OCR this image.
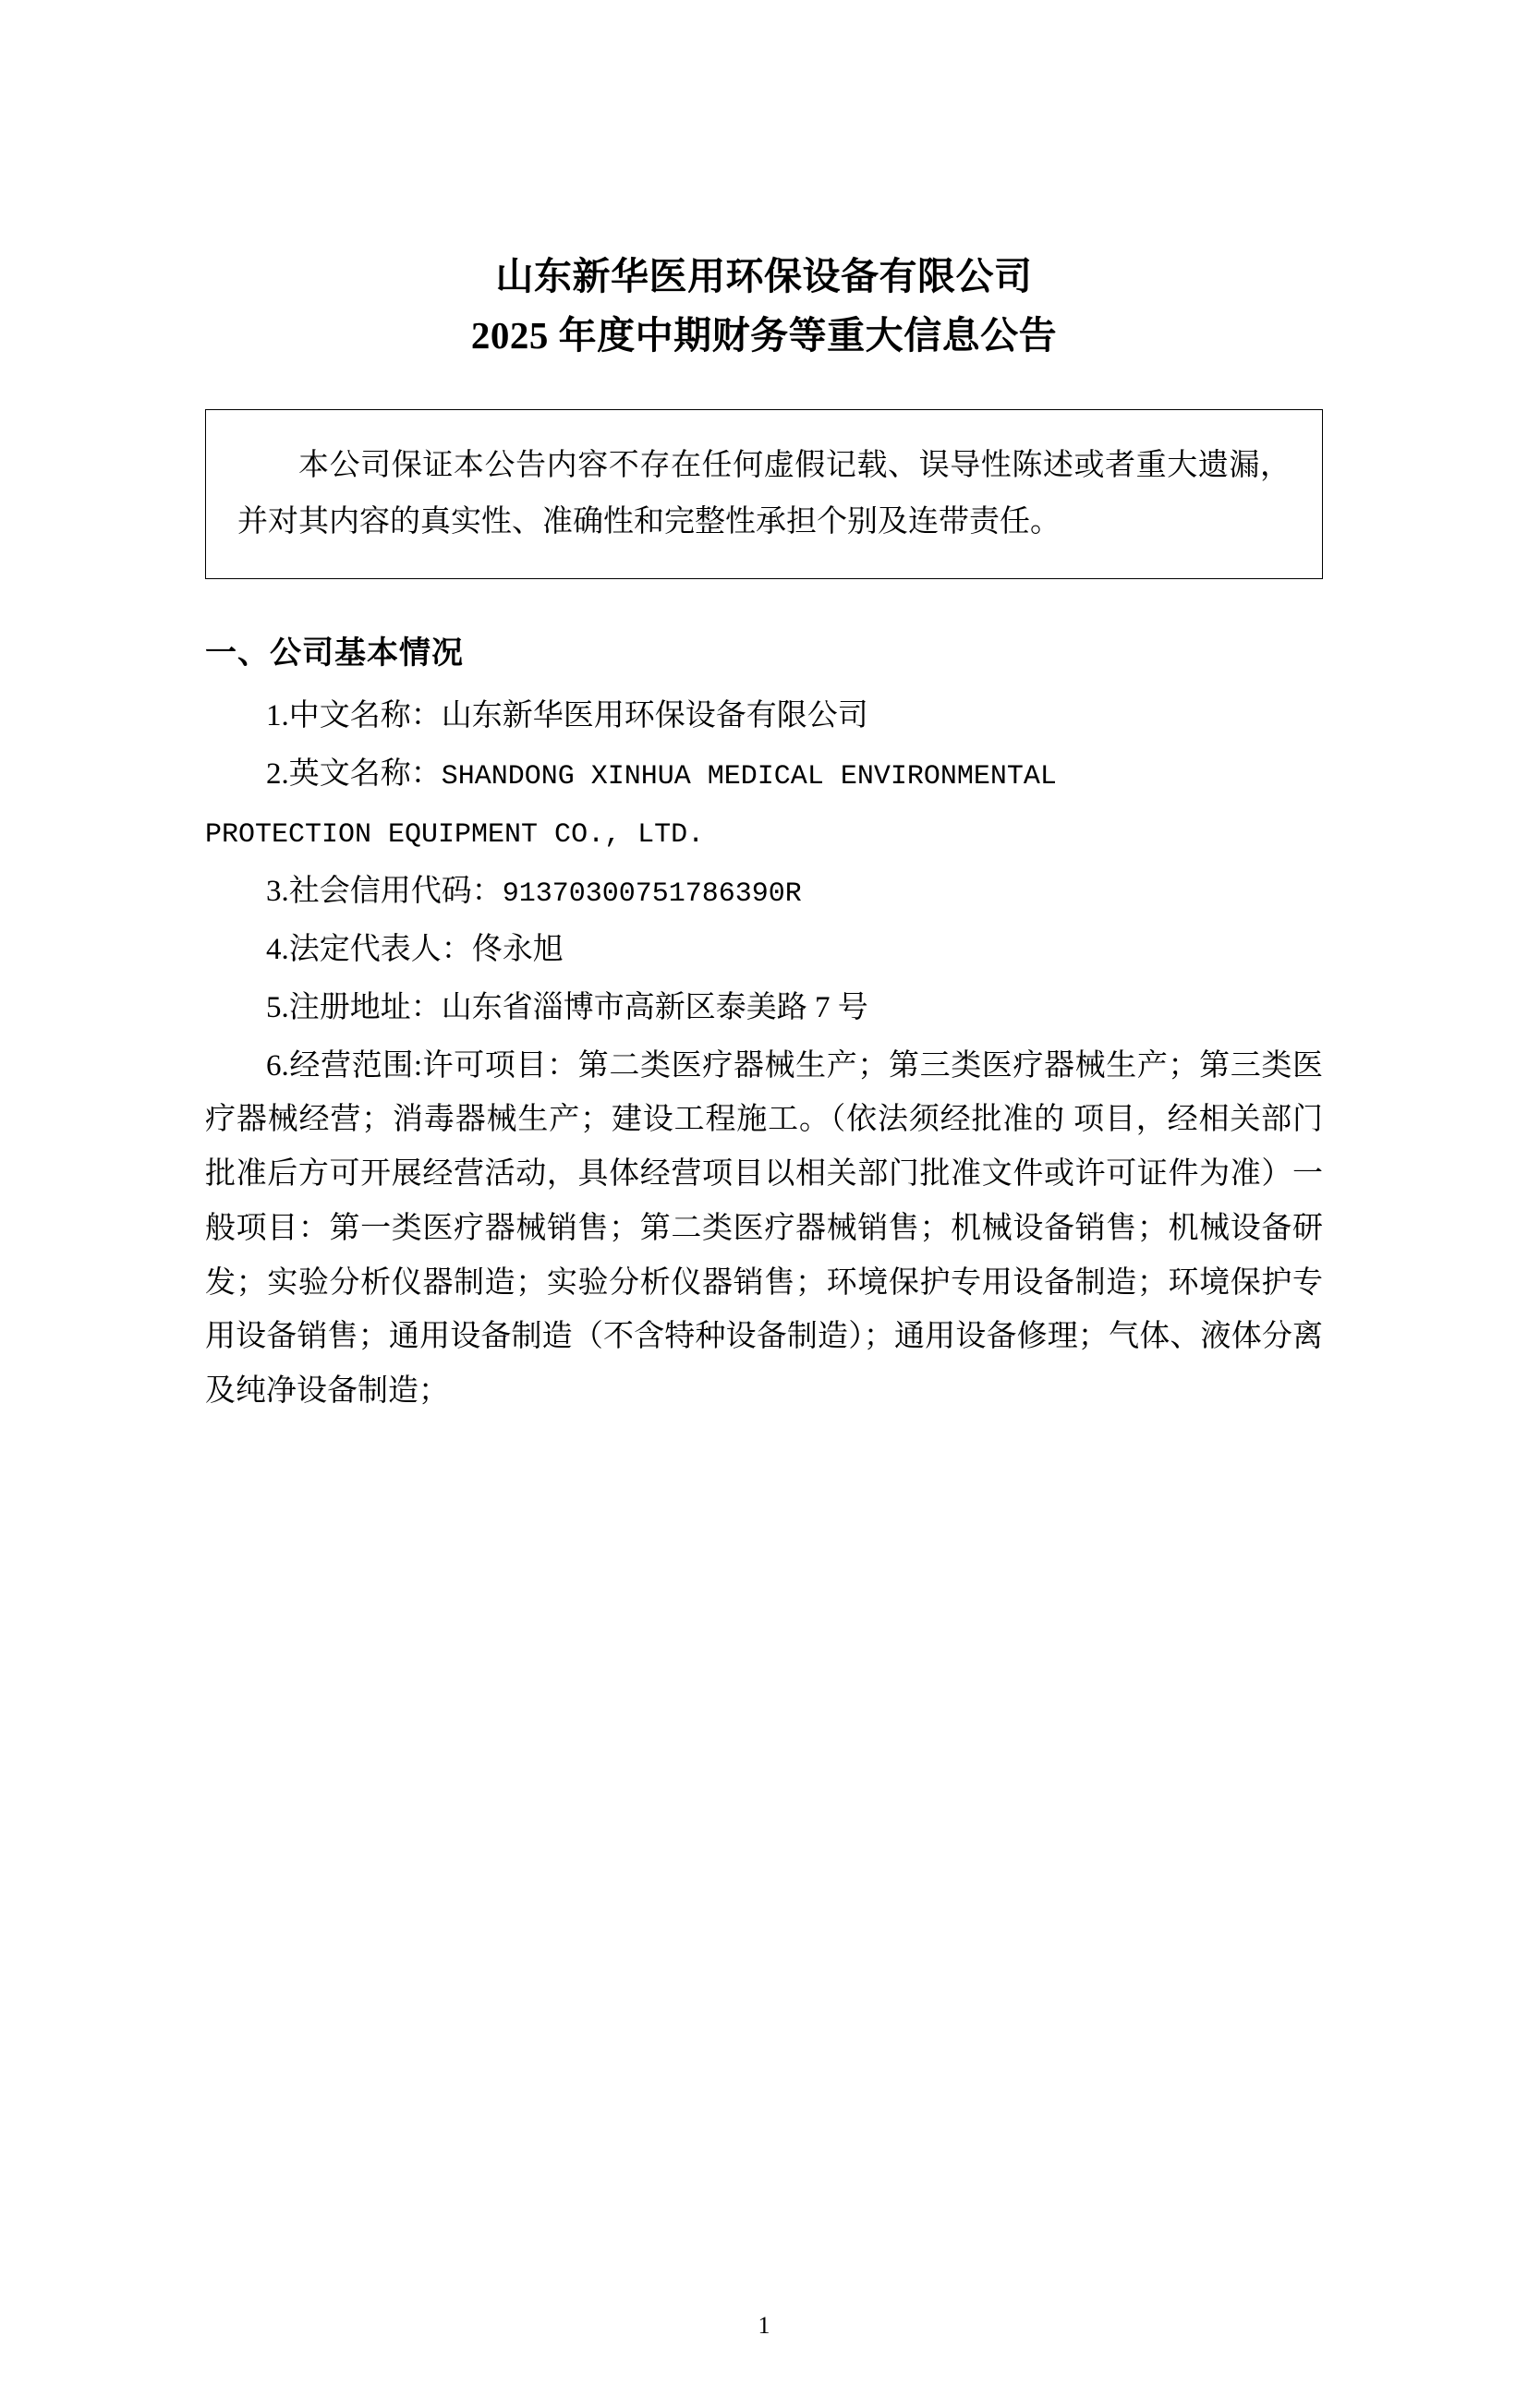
山东新华医用环保设备有限公司
2025 年度中期财务等重大信息公告

本公司保证本公告内容不存在任何虚假记载、误导性陈述或者重大遗漏，并对其内容的真实性、准确性和完整性承担个别及连带责任。

一、公司基本情况

1.中文名称：山东新华医用环保设备有限公司

2.英文名称：SHANDONG XINHUA MEDICAL ENVIRONMENTAL

PROTECTION EQUIPMENT CO., LTD.

3.社会信用代码：91370300751786390R

4.法定代表人：佟永旭

5.注册地址：山东省淄博市高新区泰美路 7 号

6.经营范围:许可项目：第二类医疗器械生产；第三类医疗器械生产；第三类医疗器械经营；消毒器械生产；建设工程施工。（依法须经批准的 项目，经相关部门批准后方可开展经营活动，具体经营项目以相关部门批准文件或许可证件为准）一般项目：第一类医疗器械销售；第二类医疗器械销售；机械设备销售；机械设备研发；实验分析仪器制造；实验分析仪器销售；环境保护专用设备制造；环境保护专用设备销售；通用设备制造（不含特种设备制造）；通用设备修理；气体、液体分离及纯净设备制造；

1
